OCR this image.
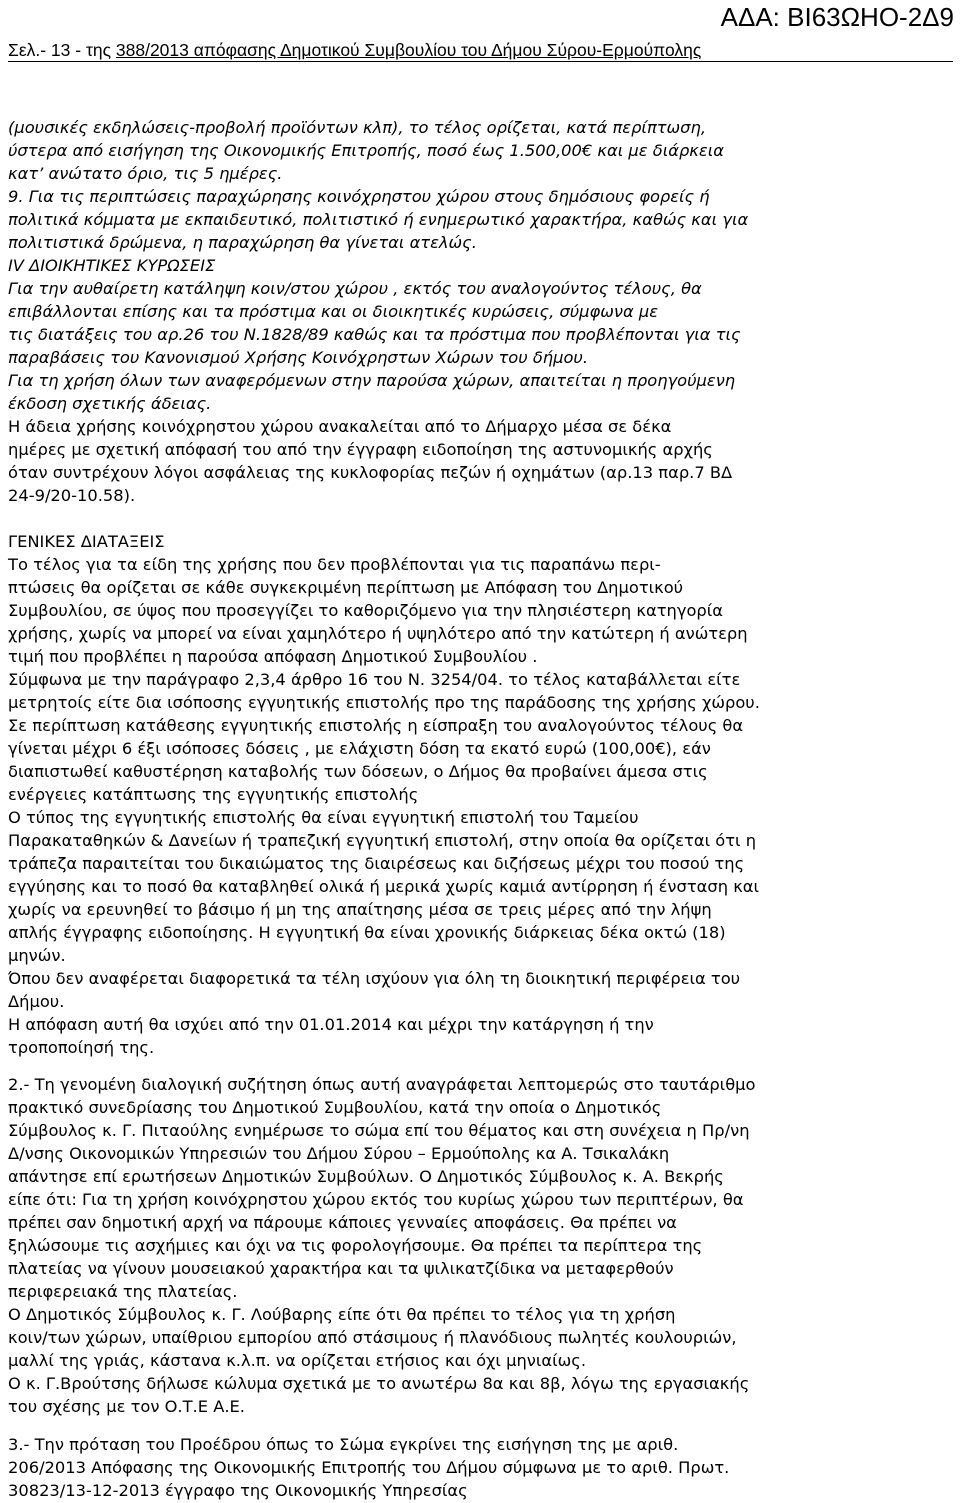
ΑΔΑ: ΒΙ63ΩΗΟ-2Δ9
Σελ.- 13 - της 388/2013 απόφασης Δημοτικού Συμβουλίου του Δήμου Σύρου-Ερμούπολης
(μουσικές εκδηλώσεις-προβολή προϊόντων κλπ), το τέλος ορίζεται, κατά περίπτωση,
ύστερα από εισήγηση της Οικονομικής Επιτροπής, ποσό έως 1.500,00€ και με διάρκεια
κατ’ ανώτατο όριο, τις 5 ημέρες.
9. Για τις περιπτώσεις παραχώρησης κοινόχρηστου χώρου στους δημόσιους φορείς ή
πολιτικά κόμματα με εκπαιδευτικό, πολιτιστικό ή ενημερωτικό χαρακτήρα, καθώς και για
πολιτιστικά δρώμενα, η παραχώρηση θα γίνεται ατελώς.
IV ΔΙΟΙΚΗΤΙΚΕΣ ΚΥΡΩΣΕΙΣ
Για την αυθαίρετη κατάληψη κοιν/στου χώρου , εκτός του αναλογούντος τέλους, θα
επιβάλλονται επίσης και τα πρόστιμα και οι διοικητικές κυρώσεις, σύμφωνα με
τις διατάξεις του αρ.26 του Ν.1828/89 καθώς και τα πρόστιμα που προβλέπονται για τις
παραβάσεις του Κανονισμού Χρήσης Κοινόχρηστων Χώρων του δήμου.
Για τη χρήση όλων των αναφερόμενων στην παρούσα χώρων, απαιτείται η προηγούμενη
έκδοση σχετικής άδειας.
Η άδεια χρήσης κοινόχρηστου χώρου ανακαλείται από το Δήμαρχο μέσα σε δέκα
ημέρες με σχετική απόφασή του από την έγγραφη ειδοποίηση της αστυνομικής αρχής
όταν συντρέχουν λόγοι ασφάλειας της κυκλοφορίας πεζών ή οχημάτων (αρ.13 παρ.7 ΒΔ
24-9/20-10.58).
ΓΕΝΙΚΕΣ ΔΙΑΤΑΞΕΙΣ
Το τέλος για τα είδη της χρήσης που δεν προβλέπονται για τις παραπάνω περι-
πτώσεις θα ορίζεται σε κάθε συγκεκριμένη περίπτωση με Απόφαση του Δημοτικού
Συμβουλίου, σε ύψος που προσεγγίζει το καθοριζόμενο για την πλησιέστερη κατηγορία
χρήσης, χωρίς να μπορεί να είναι χαμηλότερο ή υψηλότερο από την κατώτερη ή ανώτερη
τιμή που προβλέπει η παρούσα απόφαση Δημοτικού Συμβουλίου .
Σύμφωνα με την παράγραφο 2,3,4 άρθρο 16 του Ν. 3254/04. το τέλος καταβάλλεται είτε
μετρητοίς είτε δια ισόποσης εγγυητικής επιστολής προ της παράδοσης της χρήσης χώρου.
Σε περίπτωση κατάθεσης εγγυητικής επιστολής η είσπραξη του αναλογούντος τέλους θα
γίνεται μέχρι 6 έξι ισόποσες δόσεις , με ελάχιστη δόση τα εκατό ευρώ (100,00€), εάν
διαπιστωθεί καθυστέρηση καταβολής των δόσεων, ο Δήμος θα προβαίνει άμεσα στις
ενέργειες κατάπτωσης της εγγυητικής επιστολής
Ο τύπος της εγγυητικής επιστολής θα είναι εγγυητική επιστολή του Ταμείου
Παρακαταθηκών & Δανείων ή τραπεζική εγγυητική επιστολή, στην οποία θα ορίζεται ότι η
τράπεζα παραιτείται του δικαιώματος της διαιρέσεως και διζήσεως μέχρι του ποσού της
εγγύησης και το ποσό θα καταβληθεί ολικά ή μερικά χωρίς καμιά αντίρρηση ή ένσταση και
χωρίς να ερευνηθεί το βάσιμο ή μη της απαίτησης μέσα σε τρεις μέρες από την λήψη
απλής έγγραφης ειδοποίησης. Η εγγυητική θα είναι χρονικής διάρκειας δέκα οκτώ (18)
μηνών.
Όπου δεν αναφέρεται διαφορετικά τα τέλη ισχύουν για όλη τη διοικητική περιφέρεια του
Δήμου.
Η απόφαση αυτή θα ισχύει από την 01.01.2014 και μέχρι την κατάργηση ή την
τροποποίησή της.
2.- Τη γενομένη διαλογική συζήτηση όπως αυτή αναγράφεται λεπτομερώς στο ταυτάριθμο
πρακτικό συνεδρίασης του Δημοτικού Συμβουλίου, κατά την οποία ο Δημοτικός
Σύμβουλος κ. Γ. Πιταούλης ενημέρωσε το σώμα επί του θέματος και στη συνέχεια η Πρ/νη
Δ/νσης Οικονομικών Υπηρεσιών του Δήμου Σύρου – Ερμούπολης κα Α. Τσικαλάκη
απάντησε επί ερωτήσεων Δημοτικών Συμβούλων. Ο Δημοτικός Σύμβουλος κ. Α. Βεκρής
είπε ότι: Για τη χρήση κοινόχρηστου χώρου εκτός του κυρίως χώρου των περιπτέρων, θα
πρέπει σαν δημοτική αρχή να πάρουμε κάποιες γενναίες αποφάσεις. Θα πρέπει να
ξηλώσουμε τις ασχήμιες και όχι να τις φορολογήσουμε. Θα πρέπει τα περίπτερα της
πλατείας να γίνουν μουσειακού χαρακτήρα και τα ψιλικατζίδικα να μεταφερθούν
περιφερειακά της πλατείας.
Ο Δημοτικός Σύμβουλος κ. Γ. Λούβαρης είπε ότι θα πρέπει το τέλος για τη χρήση
κοιν/των χώρων, υπαίθριου εμπορίου από στάσιμους ή πλανόδιους πωλητές κουλουριών,
μαλλί της γριάς, κάστανα κ.λ.π. να ορίζεται ετήσιος και όχι μηνιαίως.
Ο κ. Γ.Βρούτσης δήλωσε κώλυμα σχετικά με το ανωτέρω 8α και 8β, λόγω της εργασιακής
του σχέσης με τον Ο.Τ.Ε Α.Ε.
3.- Την πρόταση του Προέδρου όπως το Σώμα εγκρίνει της εισήγηση της με αριθ.
206/2013 Απόφασης της Οικονομικής Επιτροπής του Δήμου σύμφωνα με το αριθ. Πρωτ.
30823/13-12-2013 έγγραφο της Οικονομικής Υπηρεσίας
